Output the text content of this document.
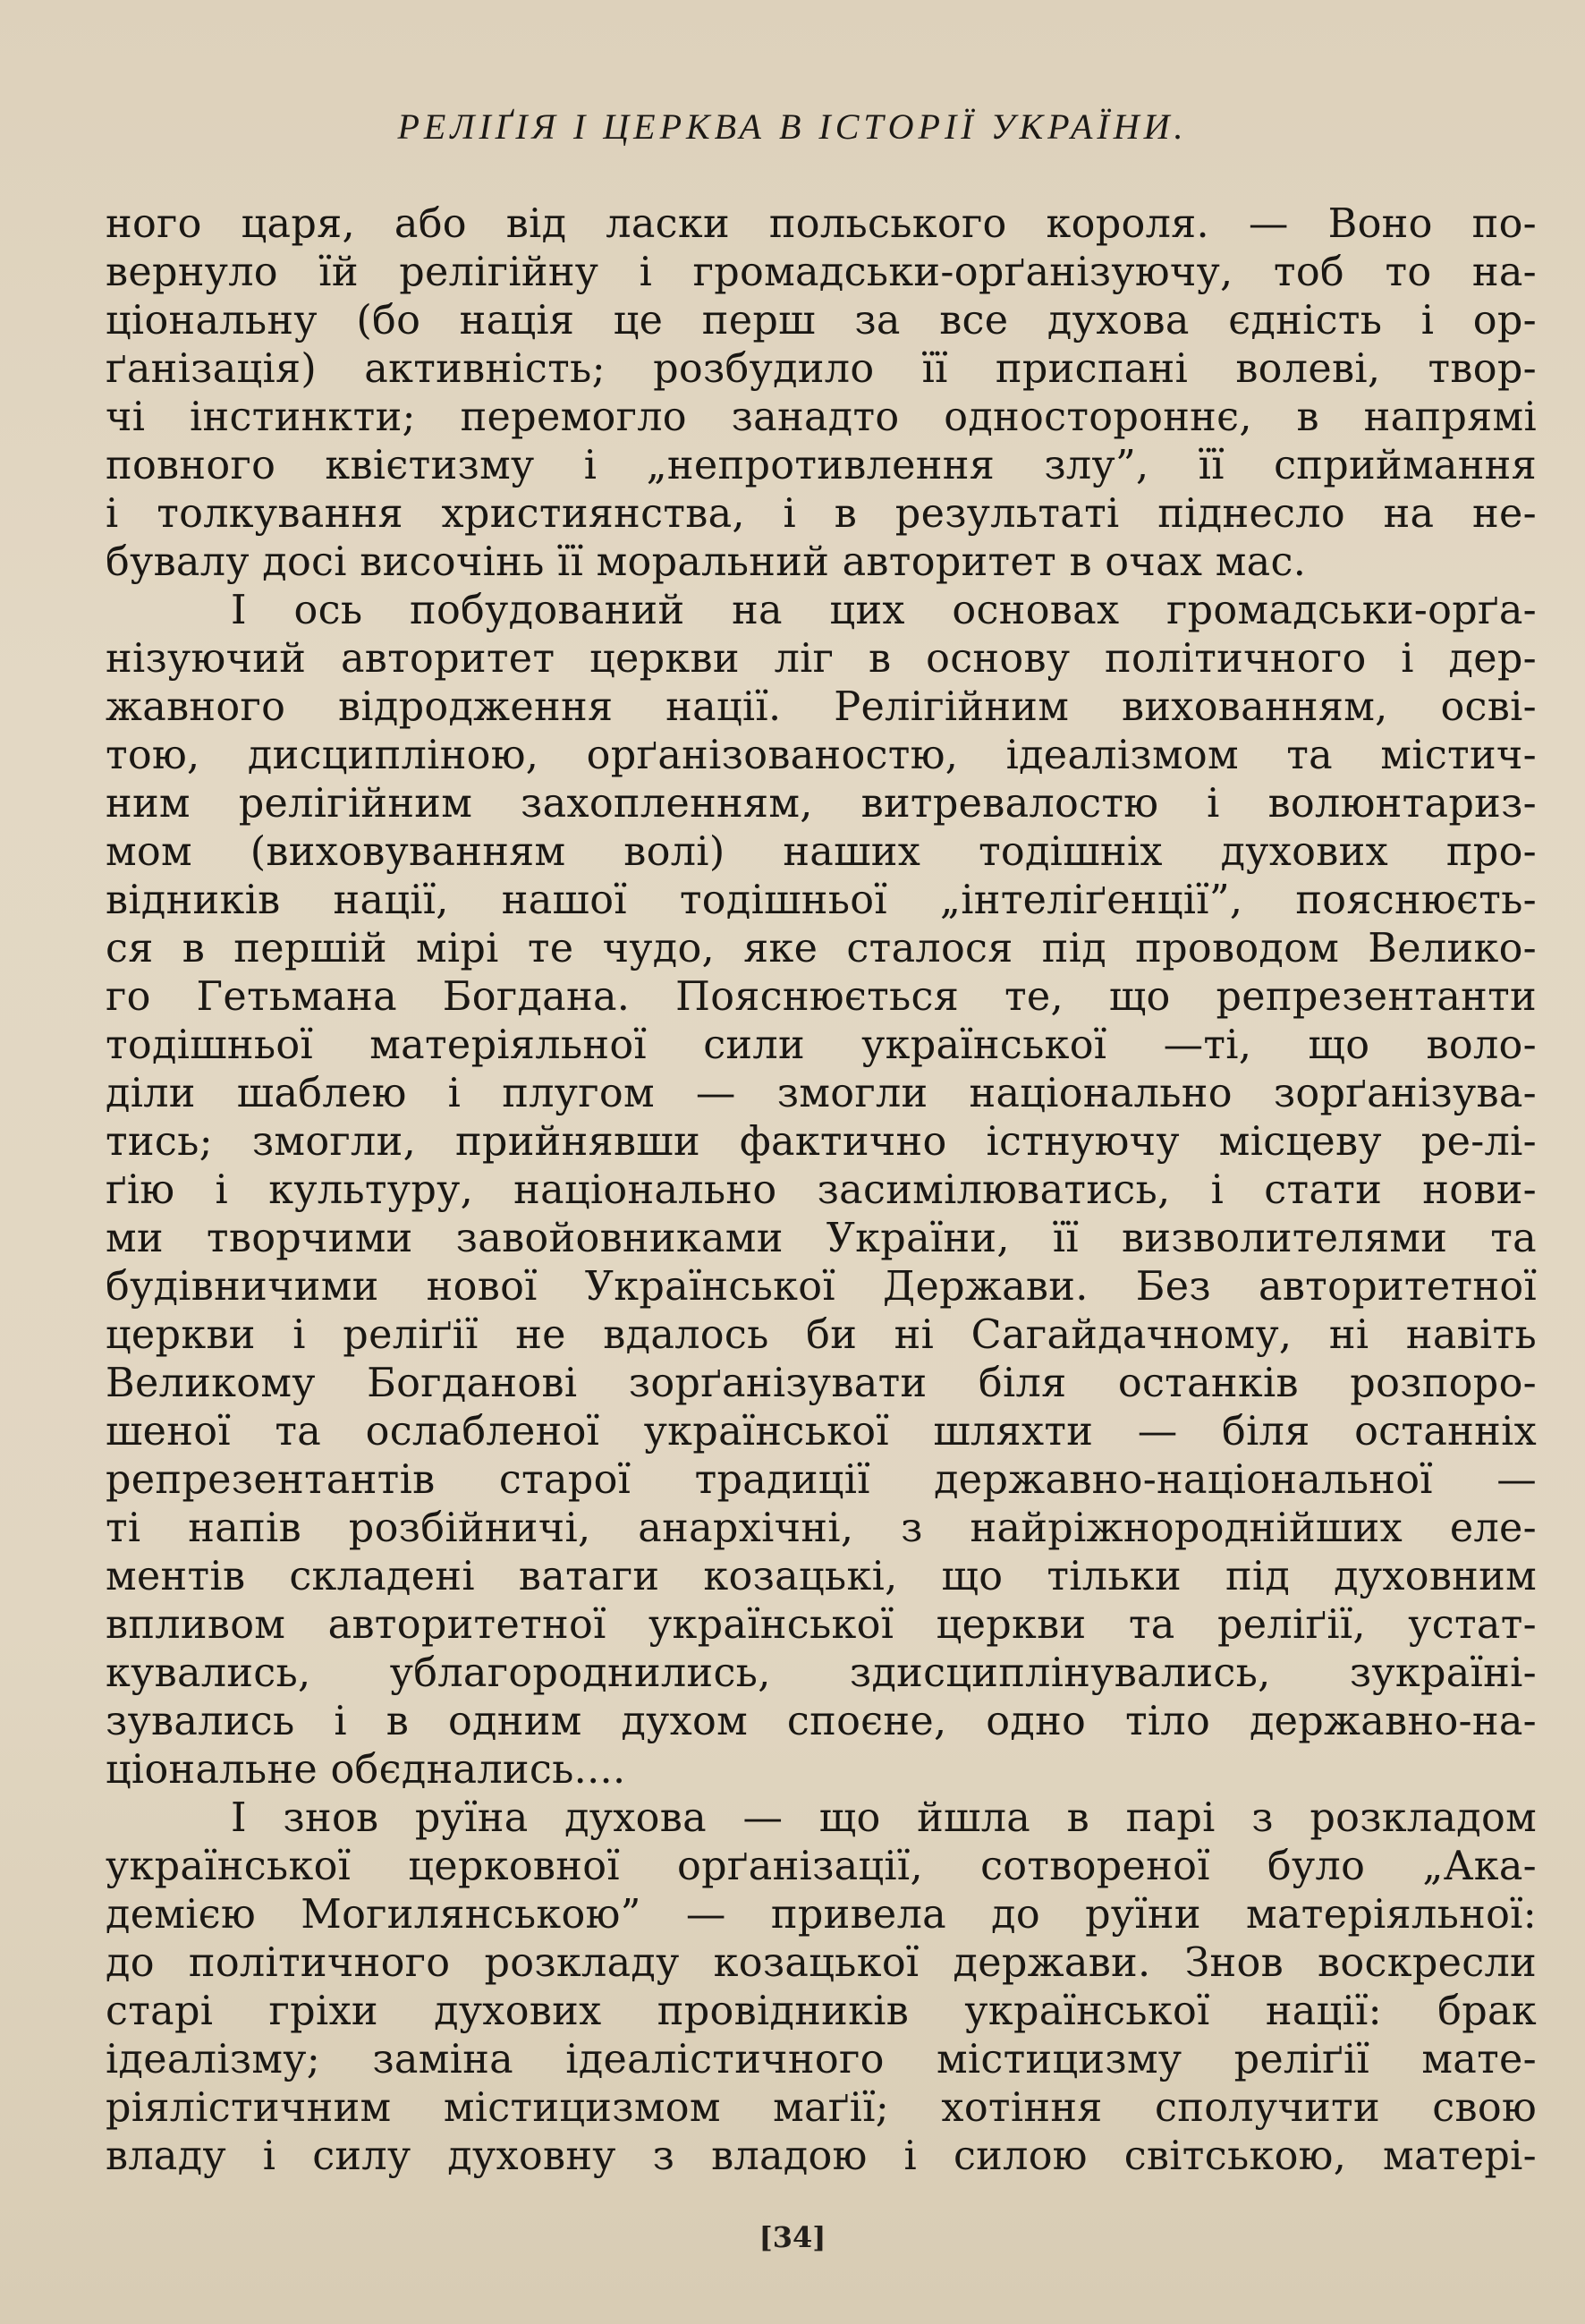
РЕЛІҐІЯ І ЦЕРКВА В ІСТОРІЇ УКРАЇНИ.
ного царя, або від ласки польського короля. — Воно по-
вернуло їй релігійну і громадськи-орґанізуючу, тоб то на-
ціональну (бо нація це перш за все духова єдність і ор-
ґанізація) активність; розбудило її приспані волеві, твор-
чі інстинкти; перемогло занадто одностороннє, в напрямі
повного квієтизму і „непротивлення злу”, її сприймання
і толкування християнства, і в результаті піднесло на не-
бувалу досі височінь її моральний авторитет в очах мас.
І ось побудований на цих основах громадськи-орґа-
нізуючий авторитет церкви ліг в основу політичного і дер-
жавного відродження нації. Релігійним вихованням, осві-
тою, дисципліною, орґанізованостю, ідеалізмом та містич-
ним релігійним захопленням, витревалостю і волюнтариз-
мом (виховуванням волі) наших тодішніх духових про-
відників нації, нашої тодішньої „інтеліґенції”, пояснюєть-
ся в першій мірі те чудо, яке сталося під проводом Велико-
го Гетьмана Богдана. Пояснюється те, що репрезентанти
тодішньої матеріяльної сили української —ті, що воло-
діли шаблею і плугом — змогли національно зорґанізува-
тись; змогли, прийнявши фактично істнуючу місцеву ре-лі-
ґію і культуру, національно засимілюватись, і стати нови-
ми творчими завойовниками України, її визволителями та
будівничими нової Української Держави. Без авторитетної
церкви і реліґії не вдалось би ні Сагайдачному, ні навіть
Великому Богданові зорґанізувати біля останків розпоро-
шеної та ослабленої української шляхти — біля останніх
репрезентантів старої традиції державно-національної —
ті напів розбійничі, анархічні, з найріжнороднійших еле-
ментів складені ватаги козацькі, що тільки під духовним
впливом авторитетної української церкви та реліґії, устат-
кувались, ублагороднились, здисциплінувались, зукраїні-
зувались і в одним духом споєне, одно тіло державно-на-
ціональне обєднались....
І знов руїна духова — що йшла в парі з розкладом
української церковної орґанізації, сотвореної було „Ака-
демією Могилянською” — привела до руїни матеріяльної:
до політичного розкладу козацької держави. Знов воскресли
старі гріхи духових провідників української нації: брак
ідеалізму; заміна ідеалістичного містицизму реліґії мате-
ріялістичним містицизмом маґії; хотіння сполучити свою
владу і силу духовну з владою і силою світською, матері-
[34]
